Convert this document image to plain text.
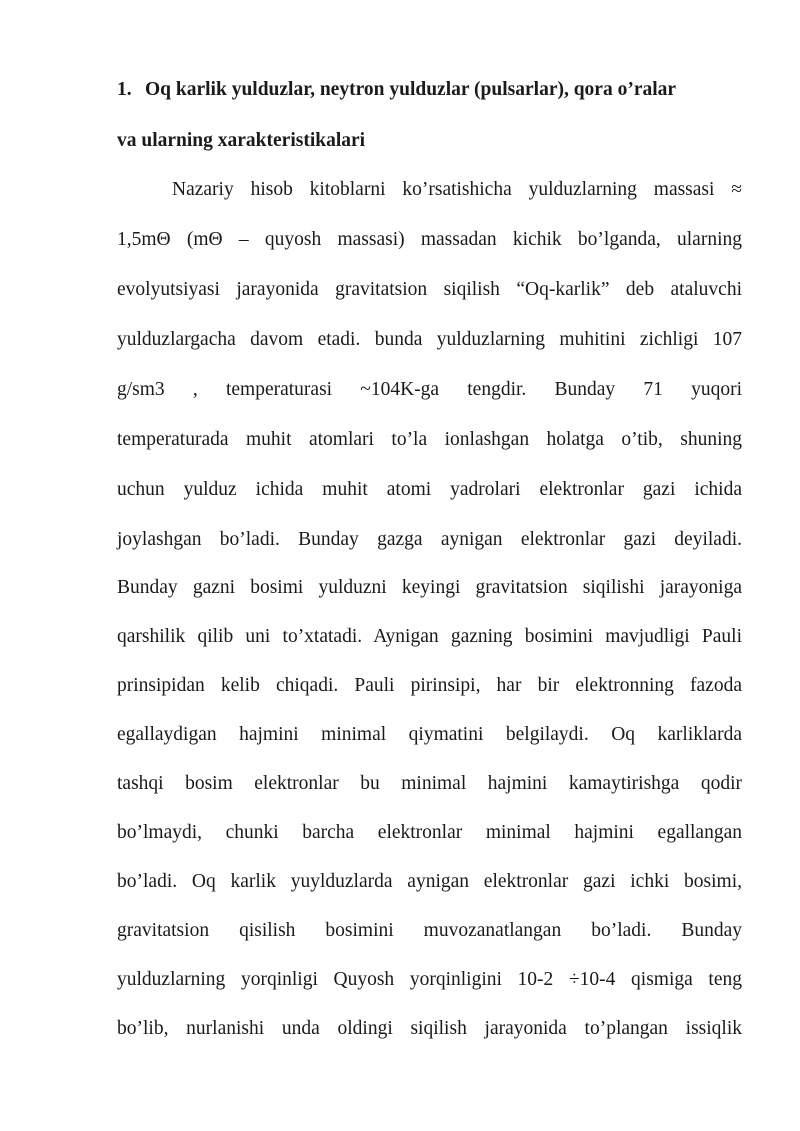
1. Oq karlik yulduzlar, neytron yulduzlar (pulsarlar), qora o’ralar
va ularning xarakteristikalari
Nazariy hisob kitoblarni ko’rsatishicha yulduzlarning massasi ≈
1,5mΘ (mΘ – quyosh massasi) massadan kichik bo’lganda, ularning
evolyutsiyasi jarayonida gravitatsion siqilish “Oq-karlik” deb ataluvchi
yulduzlargacha davom etadi. bunda yulduzlarning muhitini zichligi 107
g/sm3 , temperaturasi ~104K-ga tengdir. Bunday 71 yuqori
temperaturada muhit atomlari to’la ionlashgan holatga o’tib, shuning
uchun yulduz ichida muhit atomi yadrolari elektronlar gazi ichida
joylashgan bo’ladi. Bunday gazga aynigan elektronlar gazi deyiladi.
Bunday gazni bosimi yulduzni keyingi gravitatsion siqilishi jarayoniga
qarshilik qilib uni to’xtatadi. Aynigan gazning bosimini mavjudligi Pauli
prinsipidan kelib chiqadi. Pauli pirinsipi, har bir elektronning fazoda
egallaydigan hajmini minimal qiymatini belgilaydi. Oq karliklarda
tashqi bosim elektronlar bu minimal hajmini kamaytirishga qodir
bo’lmaydi, chunki barcha elektronlar minimal hajmini egallangan
bo’ladi. Oq karlik yuylduzlarda aynigan elektronlar gazi ichki bosimi,
gravitatsion qisilish bosimini muvozanatlangan bo’ladi. Bunday
yulduzlarning yorqinligi Quyosh yorqinligini 10-2 ÷10-4 qismiga teng
bo’lib, nurlanishi unda oldingi siqilish jarayonida to’plangan issiqlik
